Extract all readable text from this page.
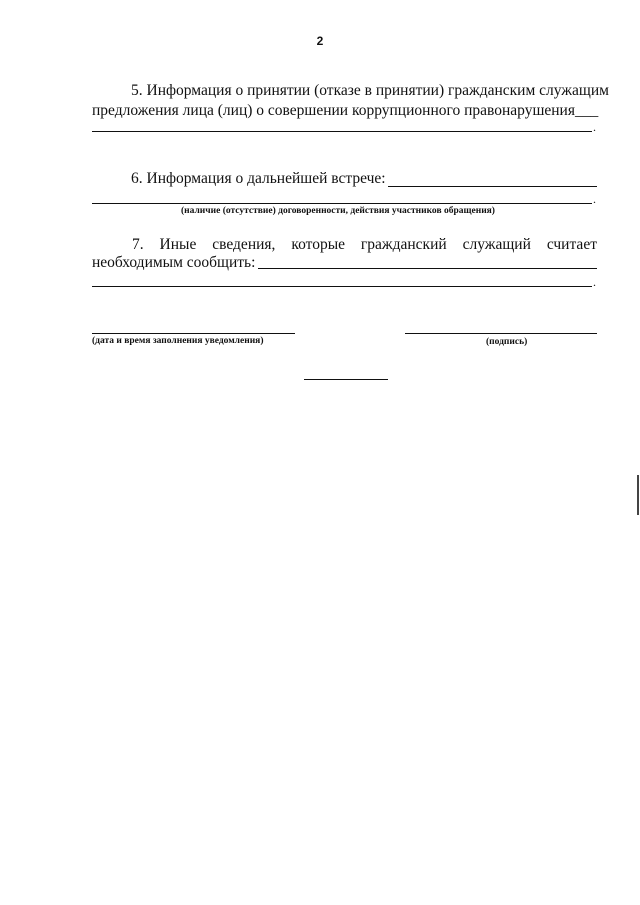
2
5. Информация о принятии (отказе в принятии) гражданским служащим
предложения лица (лиц) о совершении коррупционного правонарушения___
.
6. Информация о дальнейшей встрече:
.
(наличие (отсутствие) договоренности, действия участников обращения)
7. Иные сведения, которые гражданский служащий считает
необходимым сообщить:
.
(дата и время заполнения уведомления)	(подпись)
